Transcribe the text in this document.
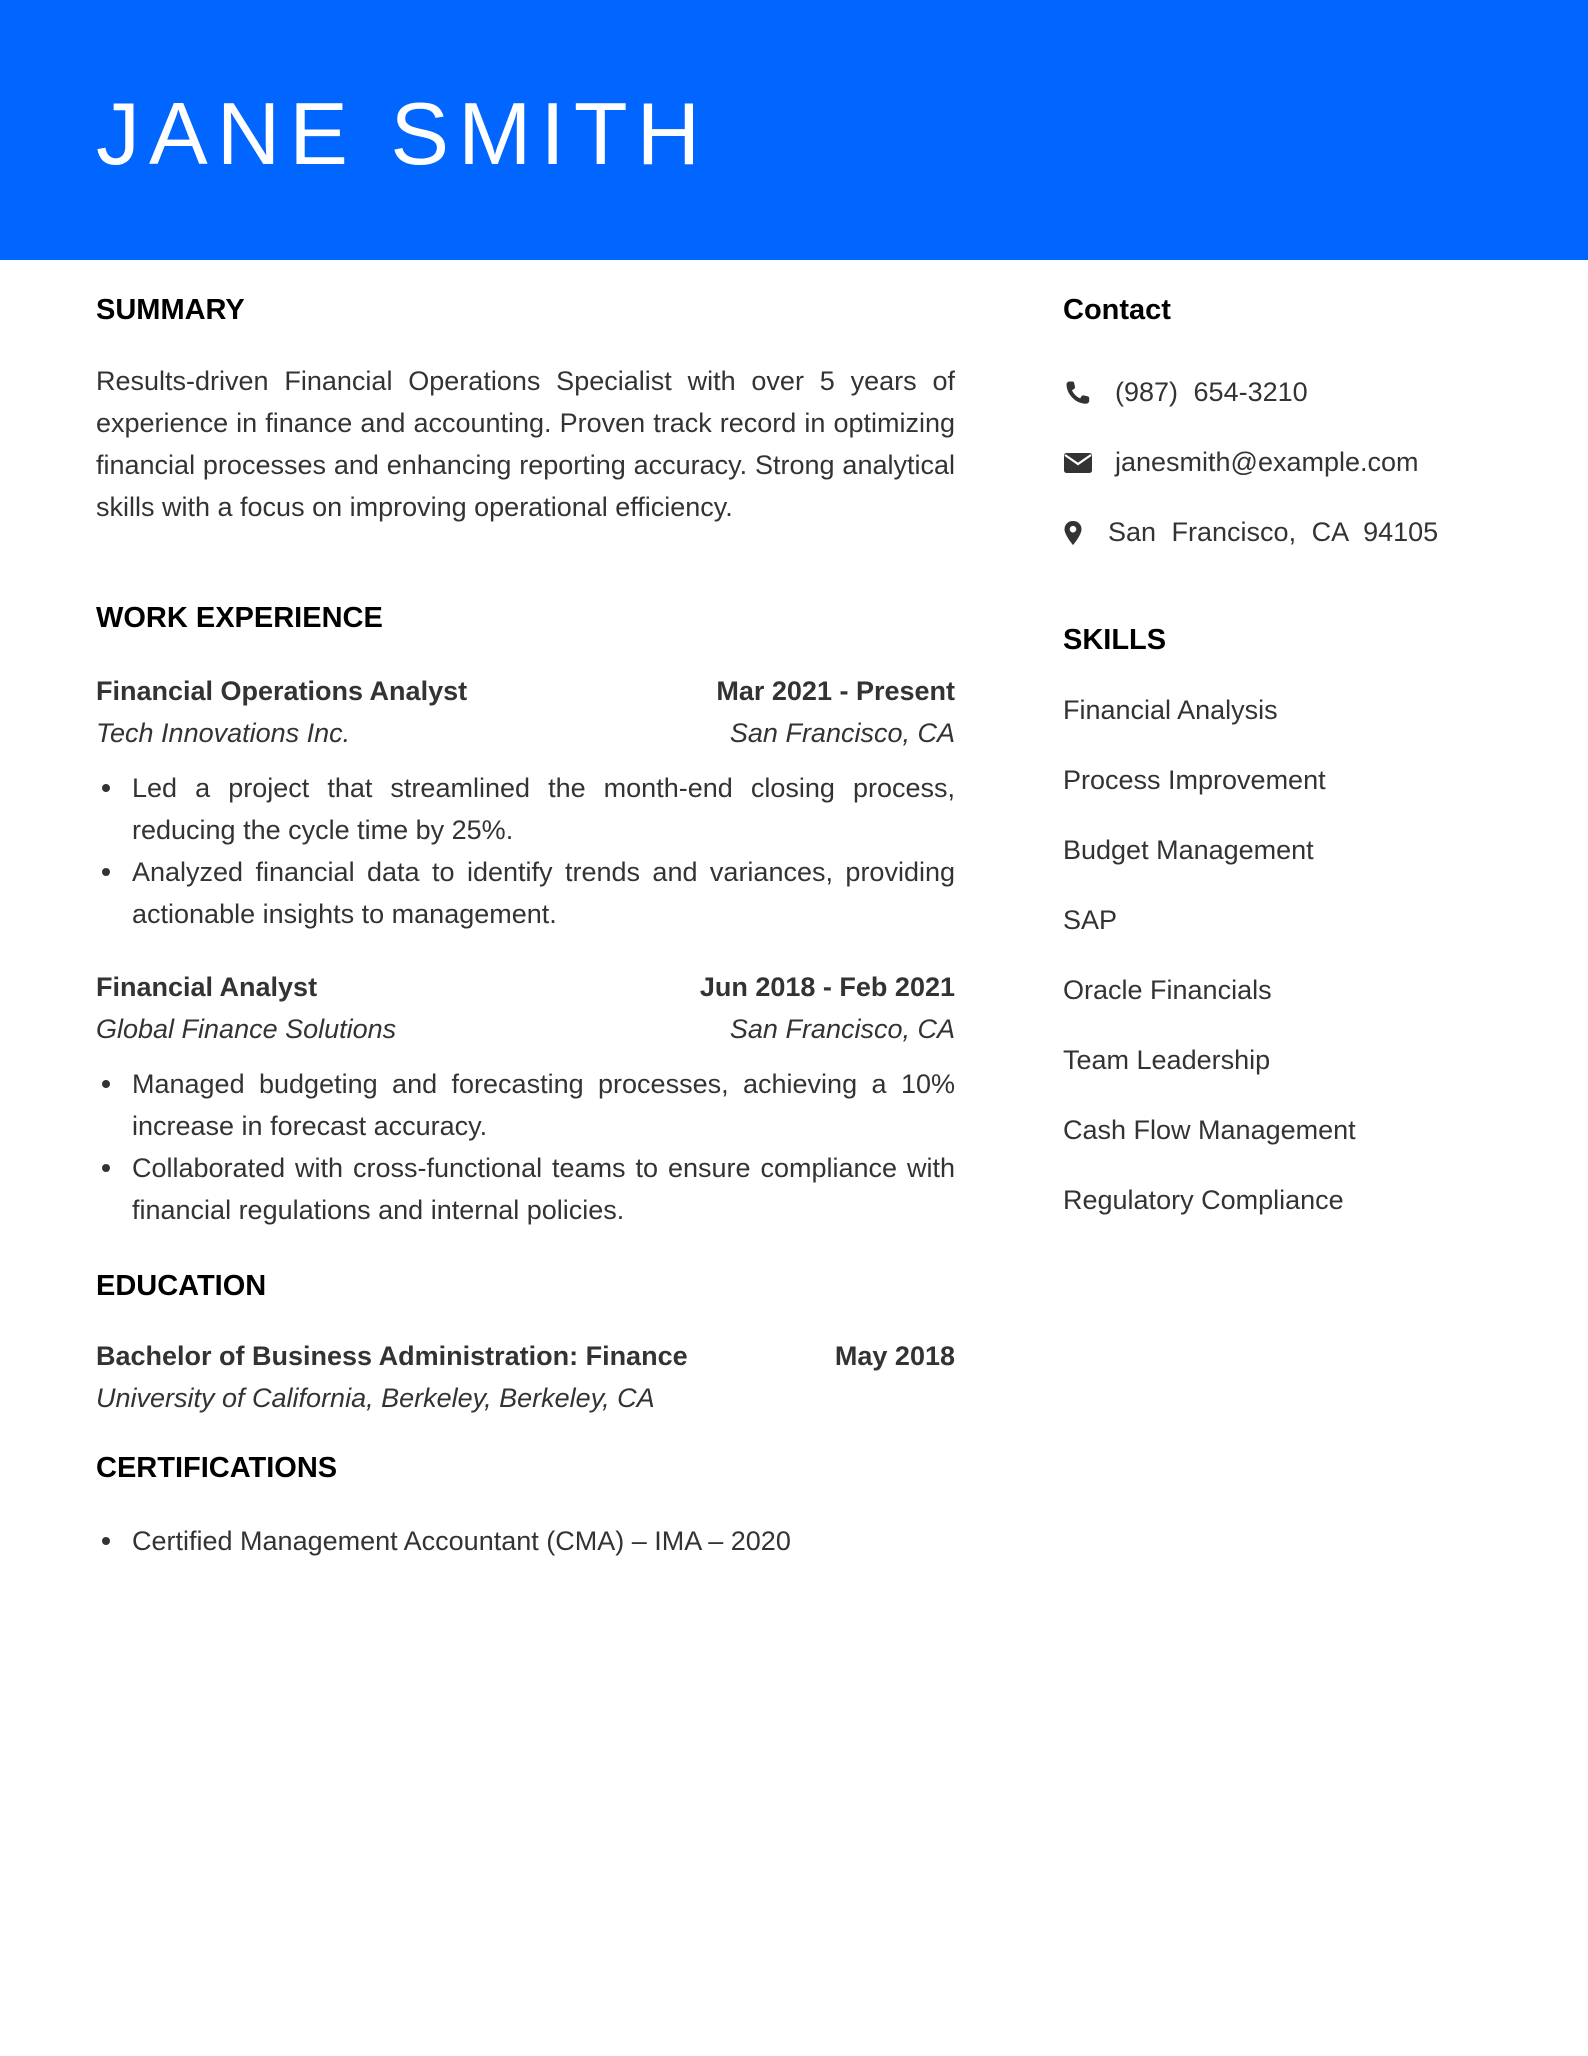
JANE SMITH
SUMMARY
Results-driven Financial Operations Specialist with over 5 years of experience in finance and accounting. Proven track record in optimizing financial processes and enhancing reporting accuracy. Strong analytical skills with a focus on improving operational efficiency.
WORK EXPERIENCE
Financial Operations Analyst	Mar 2021 - Present
Tech Innovations Inc.	San Francisco, CA
Led a project that streamlined the month-end closing process, reducing the cycle time by 25%.
Analyzed financial data to identify trends and variances, providing actionable insights to management.
Financial Analyst	Jun 2018 - Feb 2021
Global Finance Solutions	San Francisco, CA
Managed budgeting and forecasting processes, achieving a 10% increase in forecast accuracy.
Collaborated with cross-functional teams to ensure compliance with financial regulations and internal policies.
EDUCATION
Bachelor of Business Administration: Finance	May 2018
University of California, Berkeley, Berkeley, CA
CERTIFICATIONS
Certified Management Accountant (CMA) – IMA – 2020
Contact
(987) 654-3210
janesmith@example.com
San Francisco, CA 94105
SKILLS
Financial Analysis
Process Improvement
Budget Management
SAP
Oracle Financials
Team Leadership
Cash Flow Management
Regulatory Compliance
